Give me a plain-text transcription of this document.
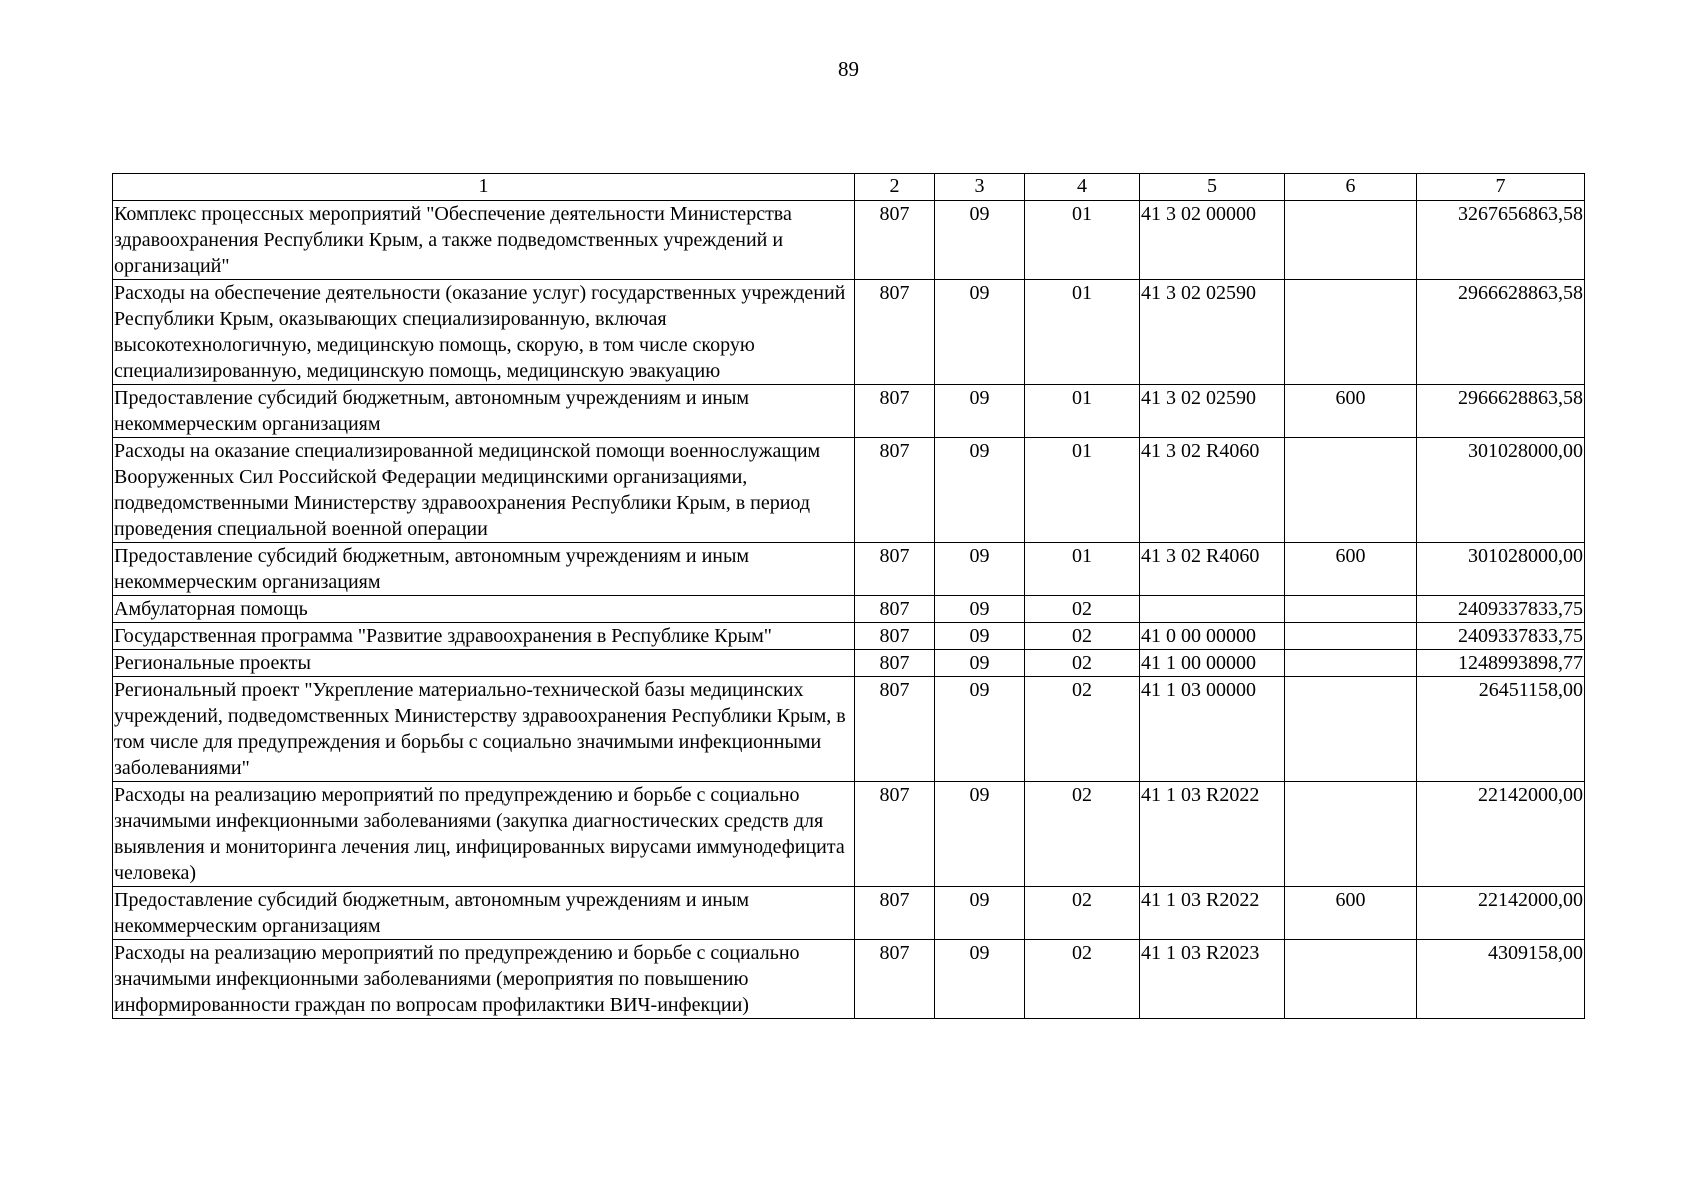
89
1	2	3	4	5	6	7
Комплекс процессных мероприятий "Обеспечение деятельности Министерства здравоохранения Республики Крым, а также подведомственных учреждений и организаций"	807	09	01	41 3 02 00000		3267656863,58
Расходы на обеспечение деятельности (оказание услуг) государственных учреждений Республики Крым, оказывающих специализированную, включая высокотехнологичную, медицинскую помощь, скорую, в том числе скорую специализированную, медицинскую помощь, медицинскую эвакуацию	807	09	01	41 3 02 02590		2966628863,58
Предоставление субсидий бюджетным, автономным учреждениям и иным некоммерческим организациям	807	09	01	41 3 02 02590	600	2966628863,58
Расходы на оказание специализированной медицинской помощи военнослужащим Вооруженных Сил Российской Федерации медицинскими организациями, подведомственными Министерству здравоохранения Республики Крым, в период проведения специальной военной операции	807	09	01	41 3 02 R4060		301028000,00
Предоставление субсидий бюджетным, автономным учреждениям и иным некоммерческим организациям	807	09	01	41 3 02 R4060	600	301028000,00
Амбулаторная помощь	807	09	02			2409337833,75
Государственная программа "Развитие здравоохранения в Республике Крым"	807	09	02	41 0 00 00000		2409337833,75
Региональные проекты	807	09	02	41 1 00 00000		1248993898,77
Региональный проект "Укрепление материально-технической базы медицинских учреждений, подведомственных Министерству здравоохранения Республики Крым, в том числе для предупреждения и борьбы с социально значимыми инфекционными заболеваниями"	807	09	02	41 1 03 00000		26451158,00
Расходы на реализацию мероприятий по предупреждению и борьбе с социально значимыми инфекционными заболеваниями (закупка диагностических средств для выявления и мониторинга лечения лиц, инфицированных вирусами иммунодефицита человека)	807	09	02	41 1 03 R2022		22142000,00
Предоставление субсидий бюджетным, автономным учреждениям и иным некоммерческим организациям	807	09	02	41 1 03 R2022	600	22142000,00
Расходы на реализацию мероприятий по предупреждению и борьбе с социально значимыми инфекционными заболеваниями (мероприятия по повышению информированности граждан по вопросам профилактики ВИЧ-инфекции)	807	09	02	41 1 03 R2023		4309158,00
